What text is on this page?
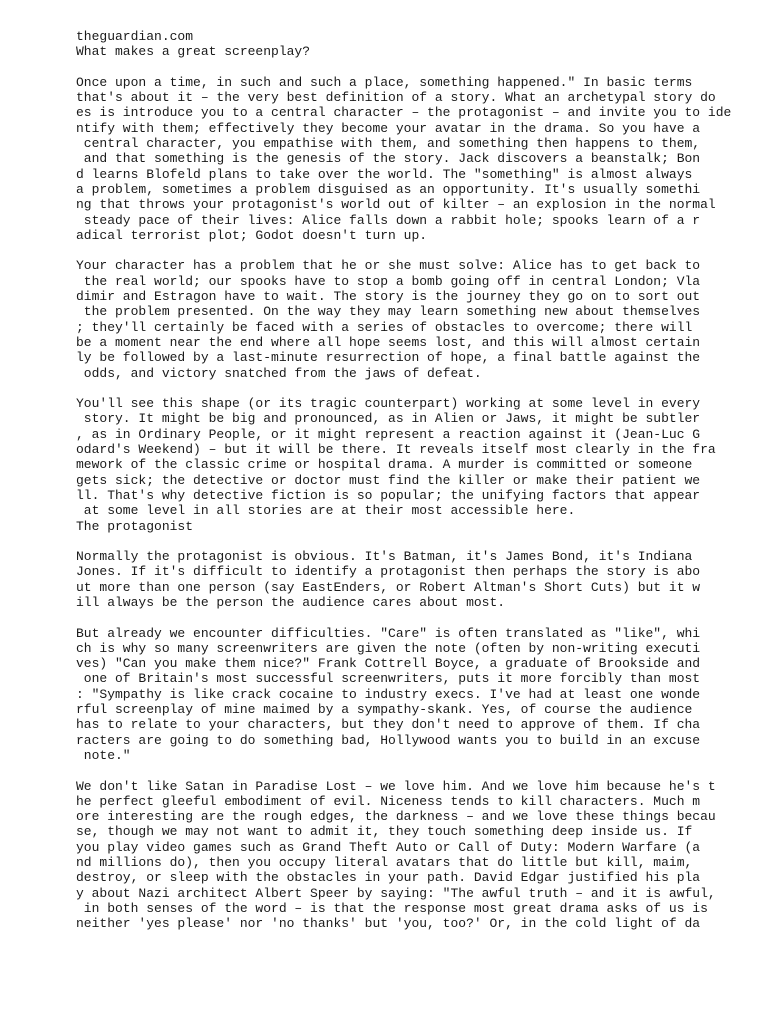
theguardian.com
What makes a great screenplay?
Once upon a time, in such and such a place, something happened." In basic terms
that's about it – the very best definition of a story. What an archetypal story do
es is introduce you to a central character – the protagonist – and invite you to ide
ntify with them; effectively they become your avatar in the drama. So you have a
central character, you empathise with them, and something then happens to them,
and that something is the genesis of the story. Jack discovers a beanstalk; Bon
d learns Blofeld plans to take over the world. The "something" is almost always
a problem, sometimes a problem disguised as an opportunity. It's usually somethi
ng that throws your protagonist's world out of kilter – an explosion in the normal
steady pace of their lives: Alice falls down a rabbit hole; spooks learn of a r
adical terrorist plot; Godot doesn't turn up.
Your character has a problem that he or she must solve: Alice has to get back to
the real world; our spooks have to stop a bomb going off in central London; Vla
dimir and Estragon have to wait. The story is the journey they go on to sort out
the problem presented. On the way they may learn something new about themselves
; they'll certainly be faced with a series of obstacles to overcome; there will
be a moment near the end where all hope seems lost, and this will almost certain
ly be followed by a last-minute resurrection of hope, a final battle against the
odds, and victory snatched from the jaws of defeat.
You'll see this shape (or its tragic counterpart) working at some level in every
story. It might be big and pronounced, as in Alien or Jaws, it might be subtler
, as in Ordinary People, or it might represent a reaction against it (Jean-Luc G
odard's Weekend) – but it will be there. It reveals itself most clearly in the fra
mework of the classic crime or hospital drama. A murder is committed or someone
gets sick; the detective or doctor must find the killer or make their patient we
ll. That's why detective fiction is so popular; the unifying factors that appear
at some level in all stories are at their most accessible here.
The protagonist
Normally the protagonist is obvious. It's Batman, it's James Bond, it's Indiana
Jones. If it's difficult to identify a protagonist then perhaps the story is abo
ut more than one person (say EastEnders, or Robert Altman's Short Cuts) but it w
ill always be the person the audience cares about most.
But already we encounter difficulties. "Care" is often translated as "like", whi
ch is why so many screenwriters are given the note (often by non-writing executi
ves) "Can you make them nice?" Frank Cottrell Boyce, a graduate of Brookside and
one of Britain's most successful screenwriters, puts it more forcibly than most
: "Sympathy is like crack cocaine to industry execs. I've had at least one wonde
rful screenplay of mine maimed by a sympathy-skank. Yes, of course the audience
has to relate to your characters, but they don't need to approve of them. If cha
racters are going to do something bad, Hollywood wants you to build in an excuse
note."
We don't like Satan in Paradise Lost – we love him. And we love him because he's t
he perfect gleeful embodiment of evil. Niceness tends to kill characters. Much m
ore interesting are the rough edges, the darkness – and we love these things becau
se, though we may not want to admit it, they touch something deep inside us. If
you play video games such as Grand Theft Auto or Call of Duty: Modern Warfare (a
nd millions do), then you occupy literal avatars that do little but kill, maim,
destroy, or sleep with the obstacles in your path. David Edgar justified his pla
y about Nazi architect Albert Speer by saying: "The awful truth – and it is awful,
in both senses of the word – is that the response most great drama asks of us is
neither 'yes please' nor 'no thanks' but 'you, too?' Or, in the cold light of da
